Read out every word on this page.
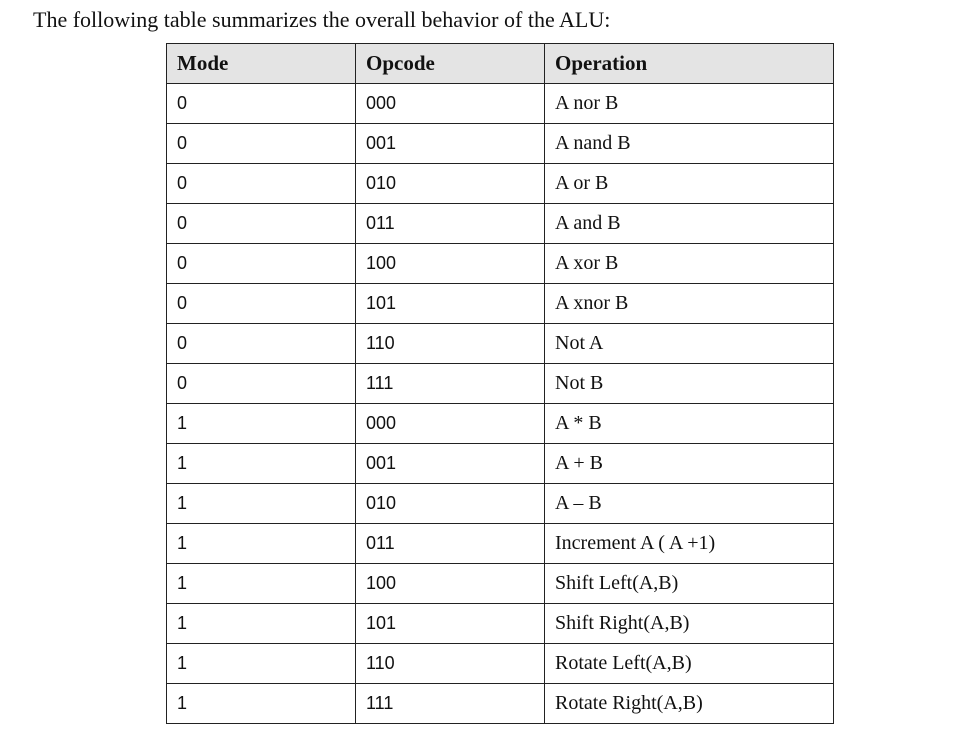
The following table summarizes the overall behavior of the ALU:
Mode	Opcode	Operation
0	000	A nor B
0	001	A nand B
0	010	A or B
0	011	A and B
0	100	A xor B
0	101	A xnor B
0	110	Not A
0	111	Not B
1	000	A * B
1	001	A + B
1	010	A – B
1	011	Increment A ( A +1)
1	100	Shift Left(A,B)
1	101	Shift Right(A,B)
1	110	Rotate Left(A,B)
1	111	Rotate Right(A,B)
